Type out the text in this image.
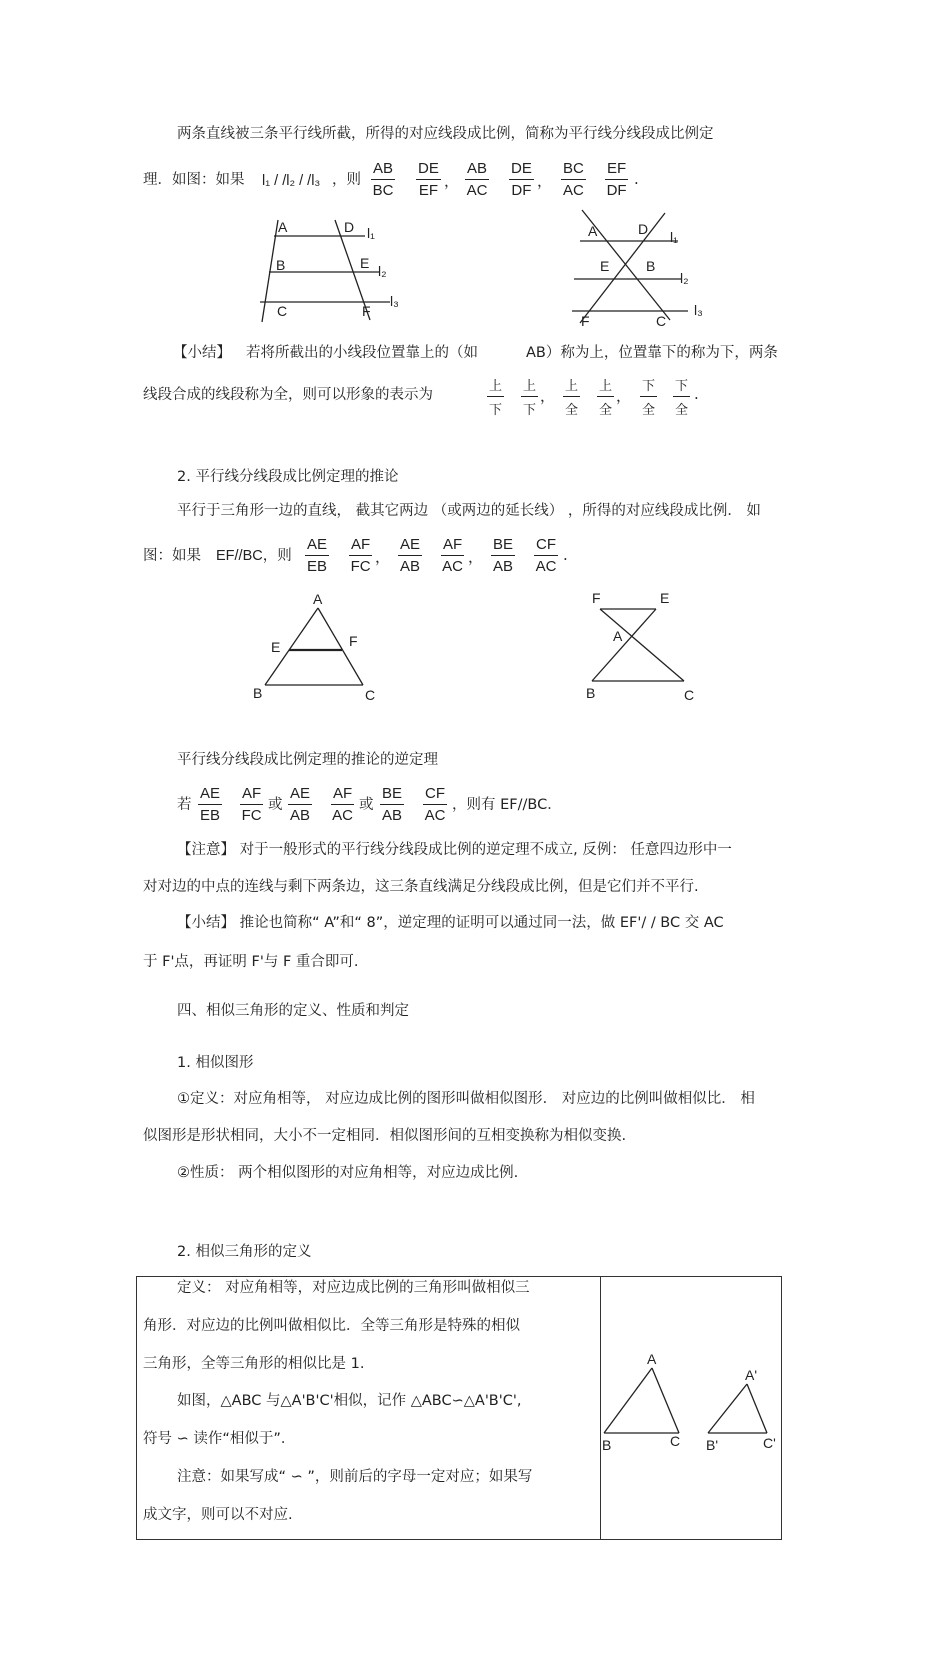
两条直线被三条平行线所截，所得的对应线段成比例，简称为平行线分线段成比例定
理．如图：如果 l₁ / /l₂ / /l₃ ，则 $\frac{AB}{BC} \frac{DE}{EF}$ ， $\frac{AB}{AC} \frac{DE}{DF}$ ， $\frac{BC}{AC} \frac{EF}{DF}$ .
A	D l₁
B	E l₂
C	F
l₃
A	D l₁
E	B
l₂
F	C
l₃
【小结】 若将所截出的小线段位置靠上的（如	AB）称为上，位置靠下的称为下，两条
线段合成的线段称为全，则可以形象的表示为
上
下
上
下
，
上
全
上
全
，
下
全
下
全
.
2. 平行线分线段成比例定理的推论
平行于三角形一边的直线， 截其它两边 （或两边的延长线） ，所得的对应线段成比例． 如
图：如果 EF//BC，则 $\frac{AE}{EB} \frac{AF}{FC}$ ， $\frac{AE}{AB} \frac{AF}{AC}$ ， $\frac{BE}{AB} \frac{CF}{AC}$ .
A
E	F
B	C
F	E
A
B	C
平行线分线段成比例定理的推论的逆定理
若 $\frac{AE}{EB} \frac{AF}{FC}$ 或 $\frac{AE}{AB} \frac{AF}{AC}$ 或 $\frac{BE}{AB} \frac{CF}{AC}$ ，则有 EF//BC．
【注意】 对于一般形式的平行线分线段成比例的逆定理不成立, 反例： 任意四边形中一
对对边的中点的连线与剩下两条边，这三条直线满足分线段成比例，但是它们并不平行.
【小结】 推论也简称“ A”和“ 8”，逆定理的证明可以通过同一法，做 EF'/ / BC 交 AC
于 F'点，再证明 F'与 F 重合即可.
四、相似三角形的定义、性质和判定
1. 相似图形
①定义：对应角相等， 对应边成比例的图形叫做相似图形． 对应边的比例叫做相似比． 相
似图形是形状相同，大小不一定相同．相似图形间的互相变换称为相似变换.
②性质： 两个相似图形的对应角相等，对应边成比例.
2. 相似三角形的定义
定义： 对应角相等，对应边成比例的三角形叫做相似三
角形．对应边的比例叫做相似比．全等三角形是特殊的相似
三角形，全等三角形的相似比是 1.
如图，△ABC 与△A'B'C'相似，记作 △ABC∽△A'B'C',
符号 ∽ 读作“相似于”．
注意：如果写成“ ∽ ”，则前后的字母一定对应；如果写
成文字，则可以不对应.
A
B	C
A'
B'	C'
